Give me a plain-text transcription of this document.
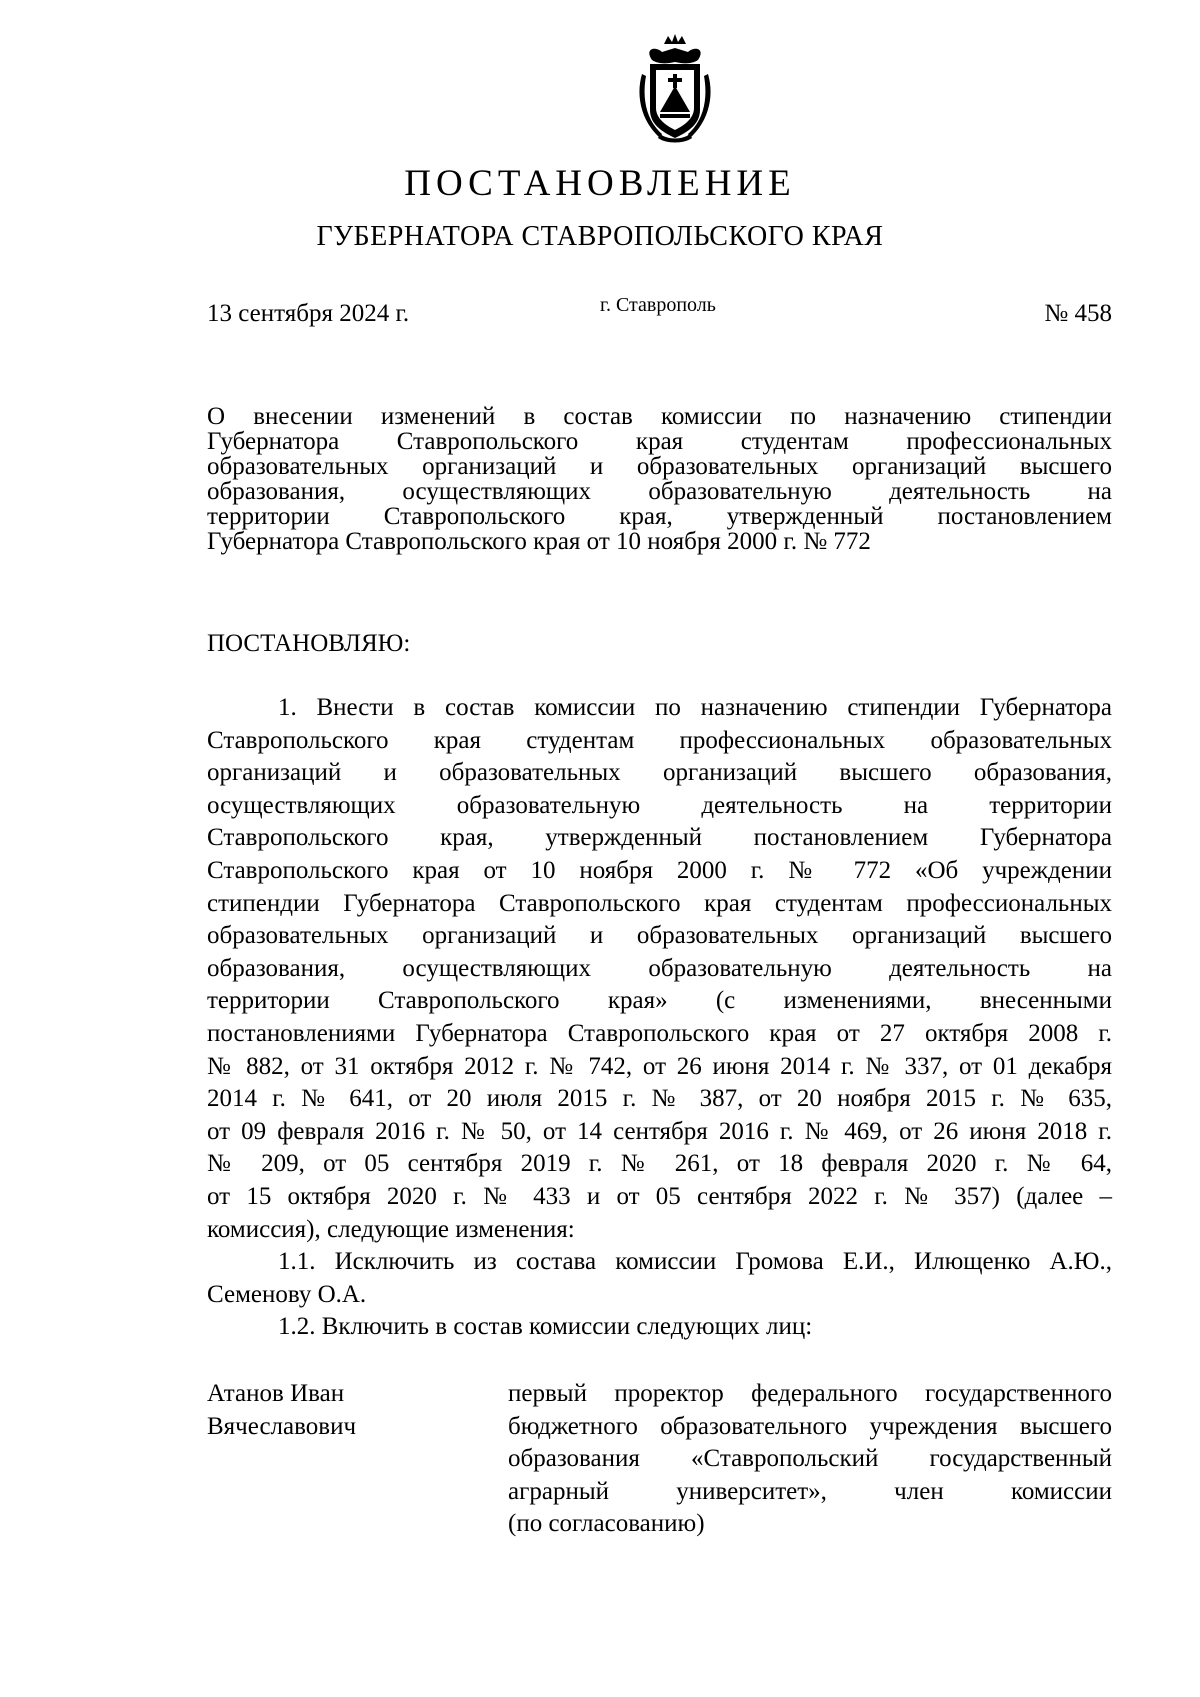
ПОСТАНОВЛЕНИЕ
ГУБЕРНАТОРА СТАВРОПОЛЬСКОГО КРАЯ
13 сентября 2024 г.	г. Ставрополь	№ 458
О внесении изменений в состав комиссии по назначению стипендии
Губернатора Ставропольского края студентам профессиональных
образовательных организаций и образовательных организаций высшего
образования, осуществляющих образовательную деятельность на
территории Ставропольского края, утвержденный постановлением
Губернатора Ставропольского края от 10 ноября 2000 г. № 772
ПОСТАНОВЛЯЮ:
1. Внести в состав комиссии по назначению стипендии Губернатора
Ставропольского края студентам профессиональных образовательных
организаций и образовательных организаций высшего образования,
осуществляющих образовательную деятельность на территории
Ставропольского края, утвержденный постановлением Губернатора
Ставропольского края от 10 ноября 2000 г. № 772 «Об учреждении
стипендии Губернатора Ставропольского края студентам профессиональных
образовательных организаций и образовательных организаций высшего
образования, осуществляющих образовательную деятельность на
территории Ставропольского края» (с изменениями, внесенными
постановлениями Губернатора Ставропольского края от 27 октября 2008 г.
№ 882, от 31 октября 2012 г. № 742, от 26 июня 2014 г. № 337, от 01 декабря
2014 г. № 641, от 20 июля 2015 г. № 387, от 20 ноября 2015 г. № 635,
от 09 февраля 2016 г. № 50, от 14 сентября 2016 г. № 469, от 26 июня 2018 г.
№ 209, от 05 сентября 2019 г. № 261, от 18 февраля 2020 г. № 64,
от 15 октября 2020 г. № 433 и от 05 сентября 2022 г. № 357) (далее –
комиссия), следующие изменения:
1.1. Исключить из состава комиссии Громова Е.И., Илющенко А.Ю.,
Семенову О.А.
1.2. Включить в состав комиссии следующих лиц:
Атанов Иван
Вячеславович
первый проректор федерального государственного
бюджетного образовательного учреждения высшего
образования «Ставропольский государственный
аграрный университет», член комиссии
(по согласованию)
